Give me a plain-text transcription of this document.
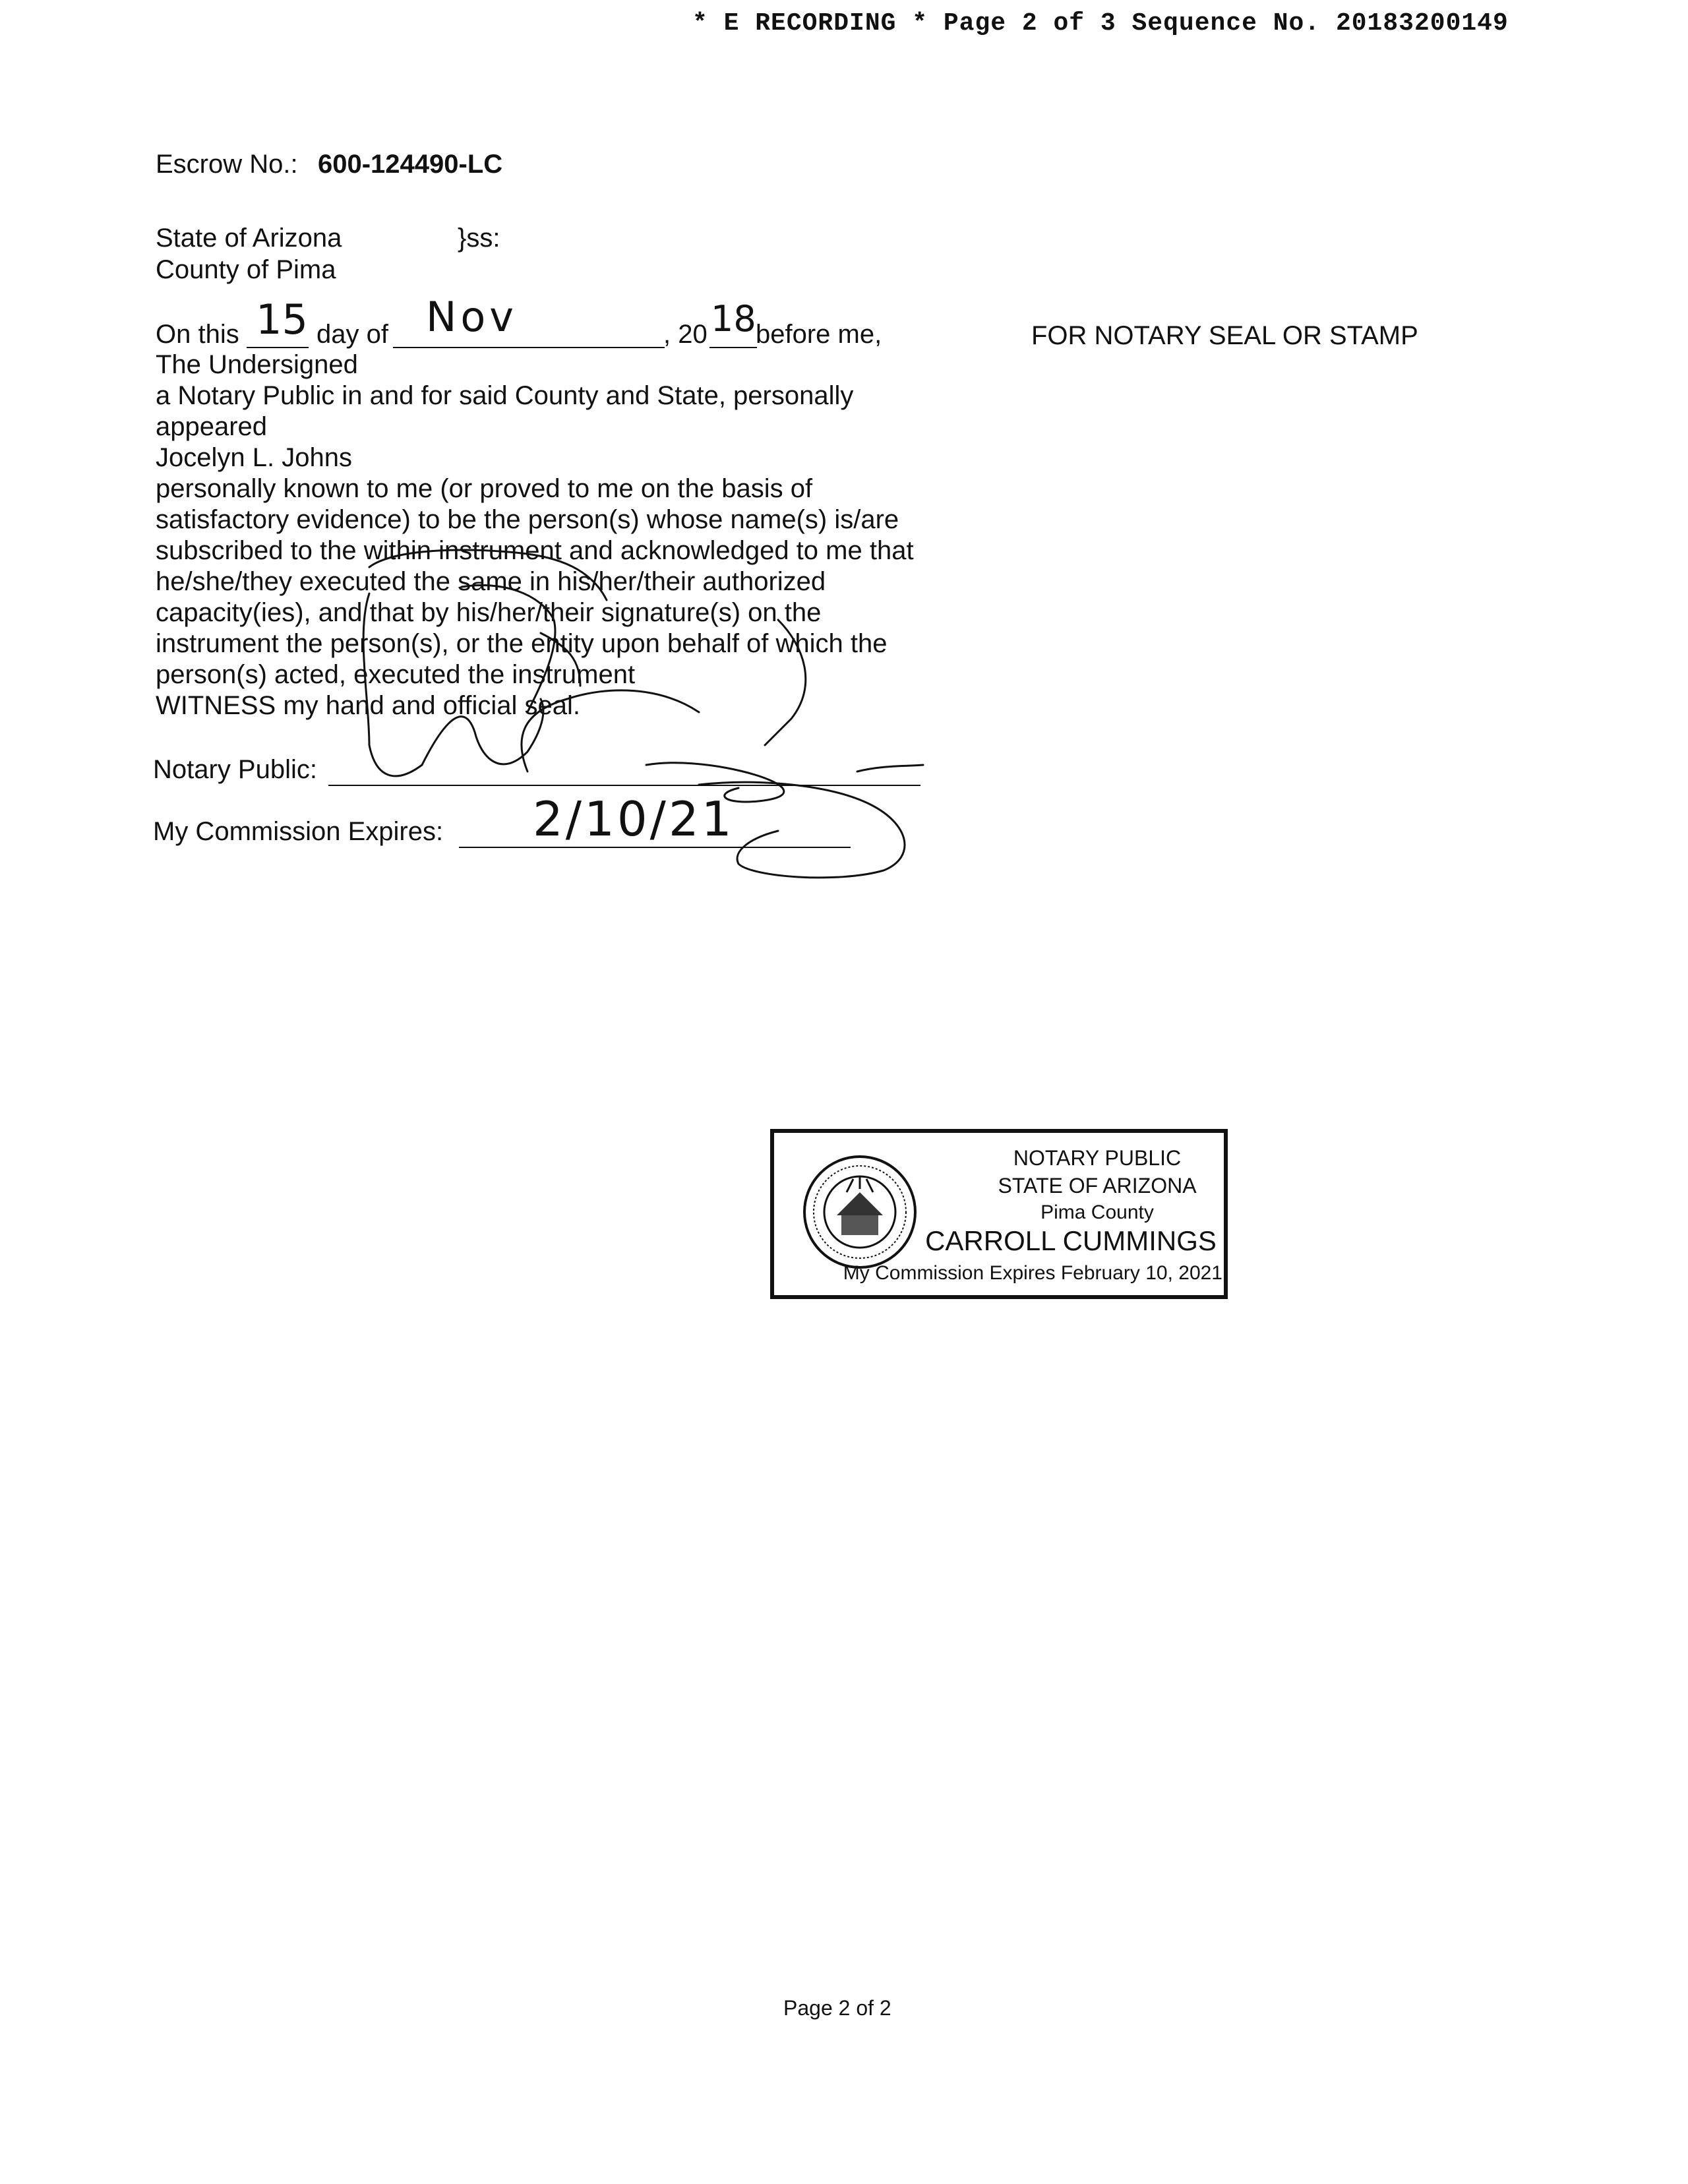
* E RECORDING * Page 2 of 3 Sequence No. 20183200149
Escrow No.: 600-124490-LC
State of Arizona	}ss:
County of Pima
On this 15 day of Nov	, 20 18 before me,	FOR NOTARY SEAL OR STAMP
The Undersigned
a Notary Public in and for said County and State, personally
appeared
Jocelyn L. Johns
personally known to me (or proved to me on the basis of
satisfactory evidence) to be the person(s) whose name(s) is/are
subscribed to the within instrument and acknowledged to me that
he/she/they executed the same in his/her/their authorized
capacity(ies), and that by his/her/their signature(s) on the
instrument the person(s), or the entity upon behalf of which the
person(s) acted, executed the instrument
WITNESS my hand and official seal.
Notary Public:
My Commission Expires: 2/10/21
NOTARY PUBLIC
STATE OF ARIZONA
Pima County
CARROLL CUMMINGS
My Commission Expires February 10, 2021
Page 2 of 2
